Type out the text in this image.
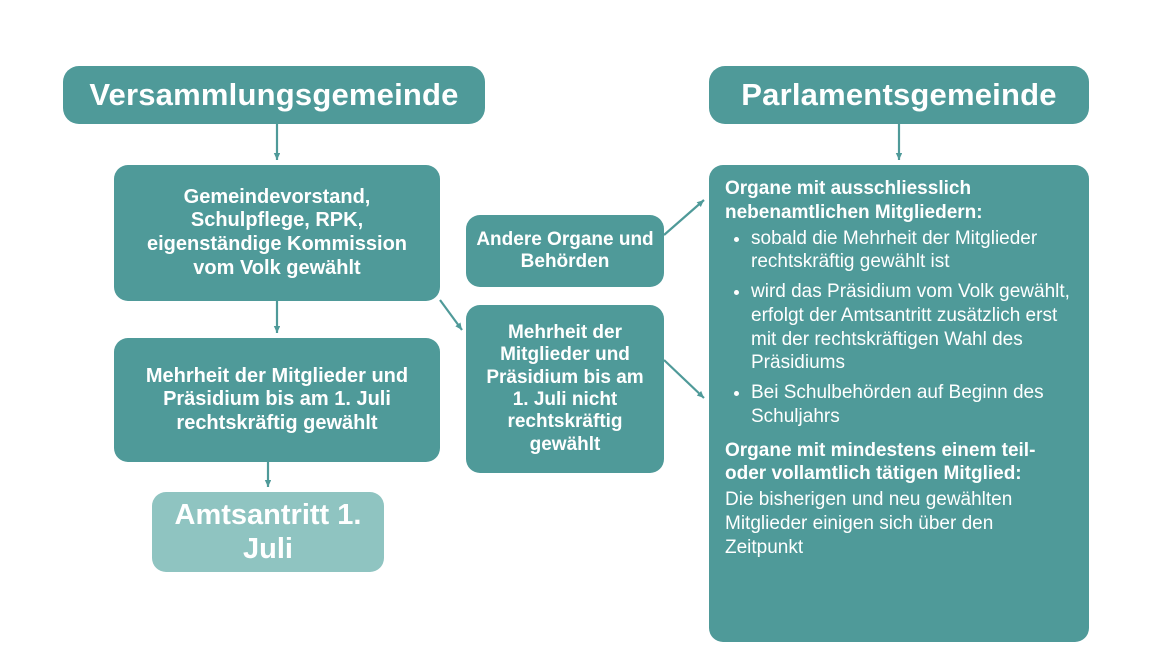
Versammlungsgemeinde	Parlamentsgemeinde
Gemeindevorstand, Schulpflege, RPK, eigenständige Kommission vom Volk gewählt
Andere Organe und Behörden
Mehrheit der Mitglieder und Präsidium bis am 1. Juli rechtskräftig gewählt
Mehrheit der Mitglieder und Präsidium bis am 1. Juli nicht rechtskräftig gewählt
Amtsantritt 1. Juli
Organe mit ausschliesslich nebenamtlichen Mitgliedern:
• sobald die Mehrheit der Mitglieder rechtskräftig gewählt ist
• wird das Präsidium vom Volk gewählt, erfolgt der Amtsantritt zusätzlich erst mit der rechtskräftigen Wahl des Präsidiums
• Bei Schulbehörden auf Beginn des Schuljahrs
Organe mit mindestens einem teil- oder vollamtlich tätigen Mitglied:
Die bisherigen und neu gewählten Mitglieder einigen sich über den Zeitpunkt
